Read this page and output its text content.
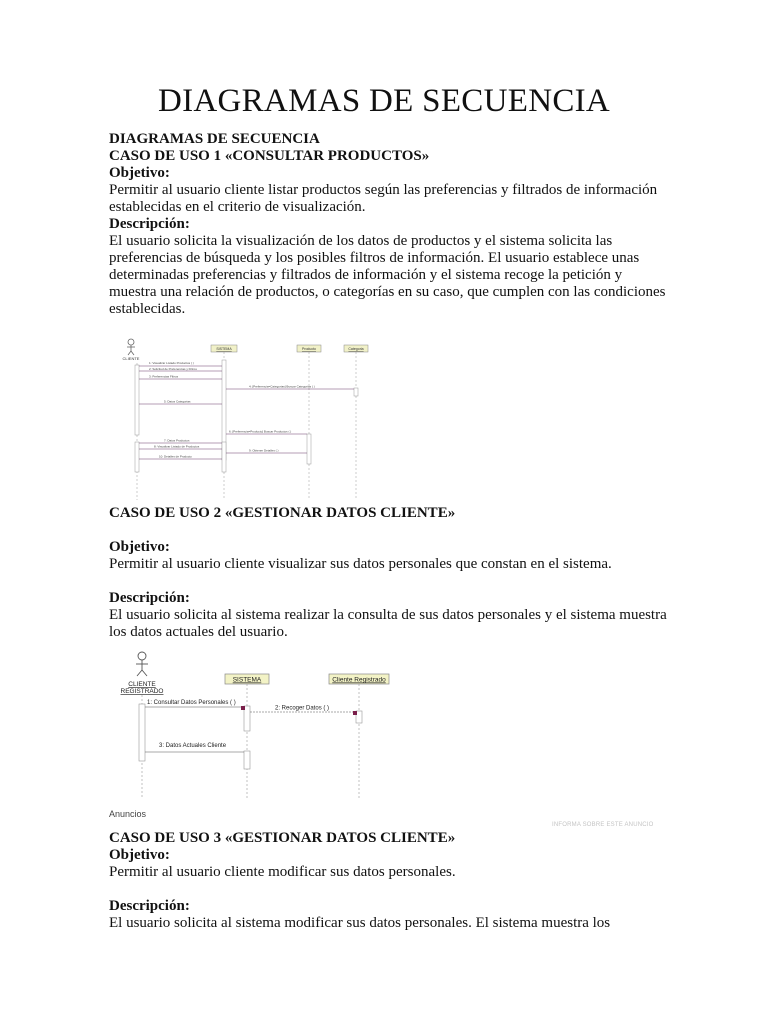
DIAGRAMAS DE SECUENCIA

DIAGRAMAS DE SECUENCIA

CASO DE USO 1 «CONSULTAR PRODUCTOS»

Objetivo:

Permitir al usuario cliente listar productos según las preferencias y filtrados de información establecidas en el criterio de visualización.

Descripción:

El usuario solicita la visualización de los datos de productos y el sistema solicita las preferencias de búsqueda y los posibles filtros de información. El usuario establece unas determinadas preferencias y filtrados de información y el sistema recoge la petición y muestra una relación de productos, o categorías en su caso, que cumplen con las condiciones establecidas.

CLIENTE
SISTEMA	Producto	Categoria
1: Visualizar Listado Productos ( )
2: Solicitud de Preferencias y Filtros
3: Preferencias Filtros
4: [Preferencia=Categorias] Buscar Categorias ( )
5: Datos Categorias
6: [Preferencia=Producto] Buscar Productos ( )
7: Datos Productos
8: Visualizar Listado de Productos
9: Obtener Detalles ( )
10: Detalles de Producto

CASO DE USO 2 «GESTIONAR DATOS CLIENTE»

Objetivo:

Permitir al usuario cliente visualizar sus datos personales que constan en el sistema.

Descripción:

El usuario solicita al sistema realizar la consulta de sus datos personales y el sistema muestra los datos actuales del usuario.

CLIENTE
REGISTRADO
SISTEMA	Cliente Registrado
1: Consultar Datos Personales ( )
2: Recoger Datos ( )
3: Datos Actuales Cliente
Anuncios
INFORMA SOBRE ESTE ANUNCIO

CASO DE USO 3 «GESTIONAR DATOS CLIENTE»

Objetivo:

Permitir al usuario cliente modificar sus datos personales.

Descripción:

El usuario solicita al sistema modificar sus datos personales. El sistema muestra los
